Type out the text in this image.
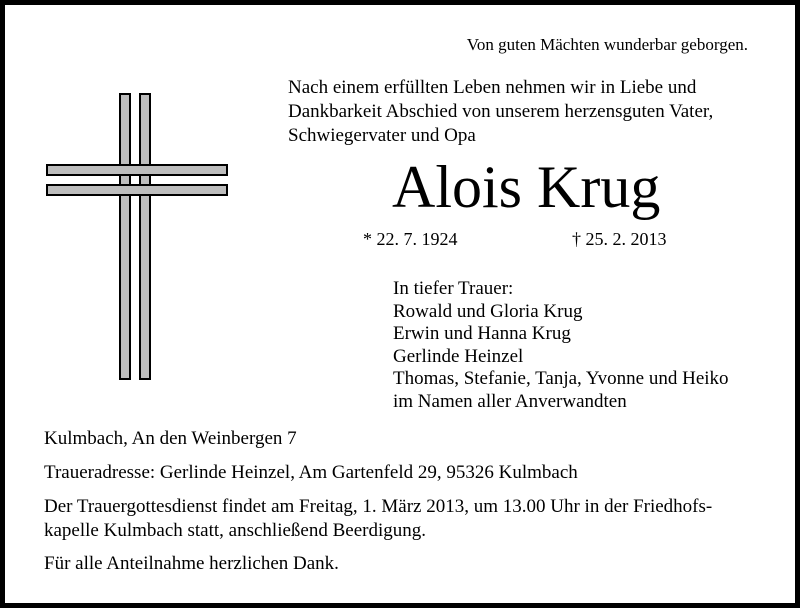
Von guten Mächten wunderbar geborgen.

Nach einem erfüllten Leben nehmen wir in Liebe und
Dankbarkeit Abschied von unserem herzensguten Vater,
Schwiegervater und Opa

Alois Krug

* 22. 7. 1924	† 25. 2. 2013

In tiefer Trauer:
Rowald und Gloria Krug
Erwin und Hanna Krug
Gerlinde Heinzel
Thomas, Stefanie, Tanja, Yvonne und Heiko
im Namen aller Anverwandten

Kulmbach, An den Weinbergen 7

Traueradresse: Gerlinde Heinzel, Am Gartenfeld 29, 95326 Kulmbach

Der Trauergottesdienst findet am Freitag, 1. März 2013, um 13.00 Uhr in der Friedhofs-
kapelle Kulmbach statt, anschließend Beerdigung.

Für alle Anteilnahme herzlichen Dank.
